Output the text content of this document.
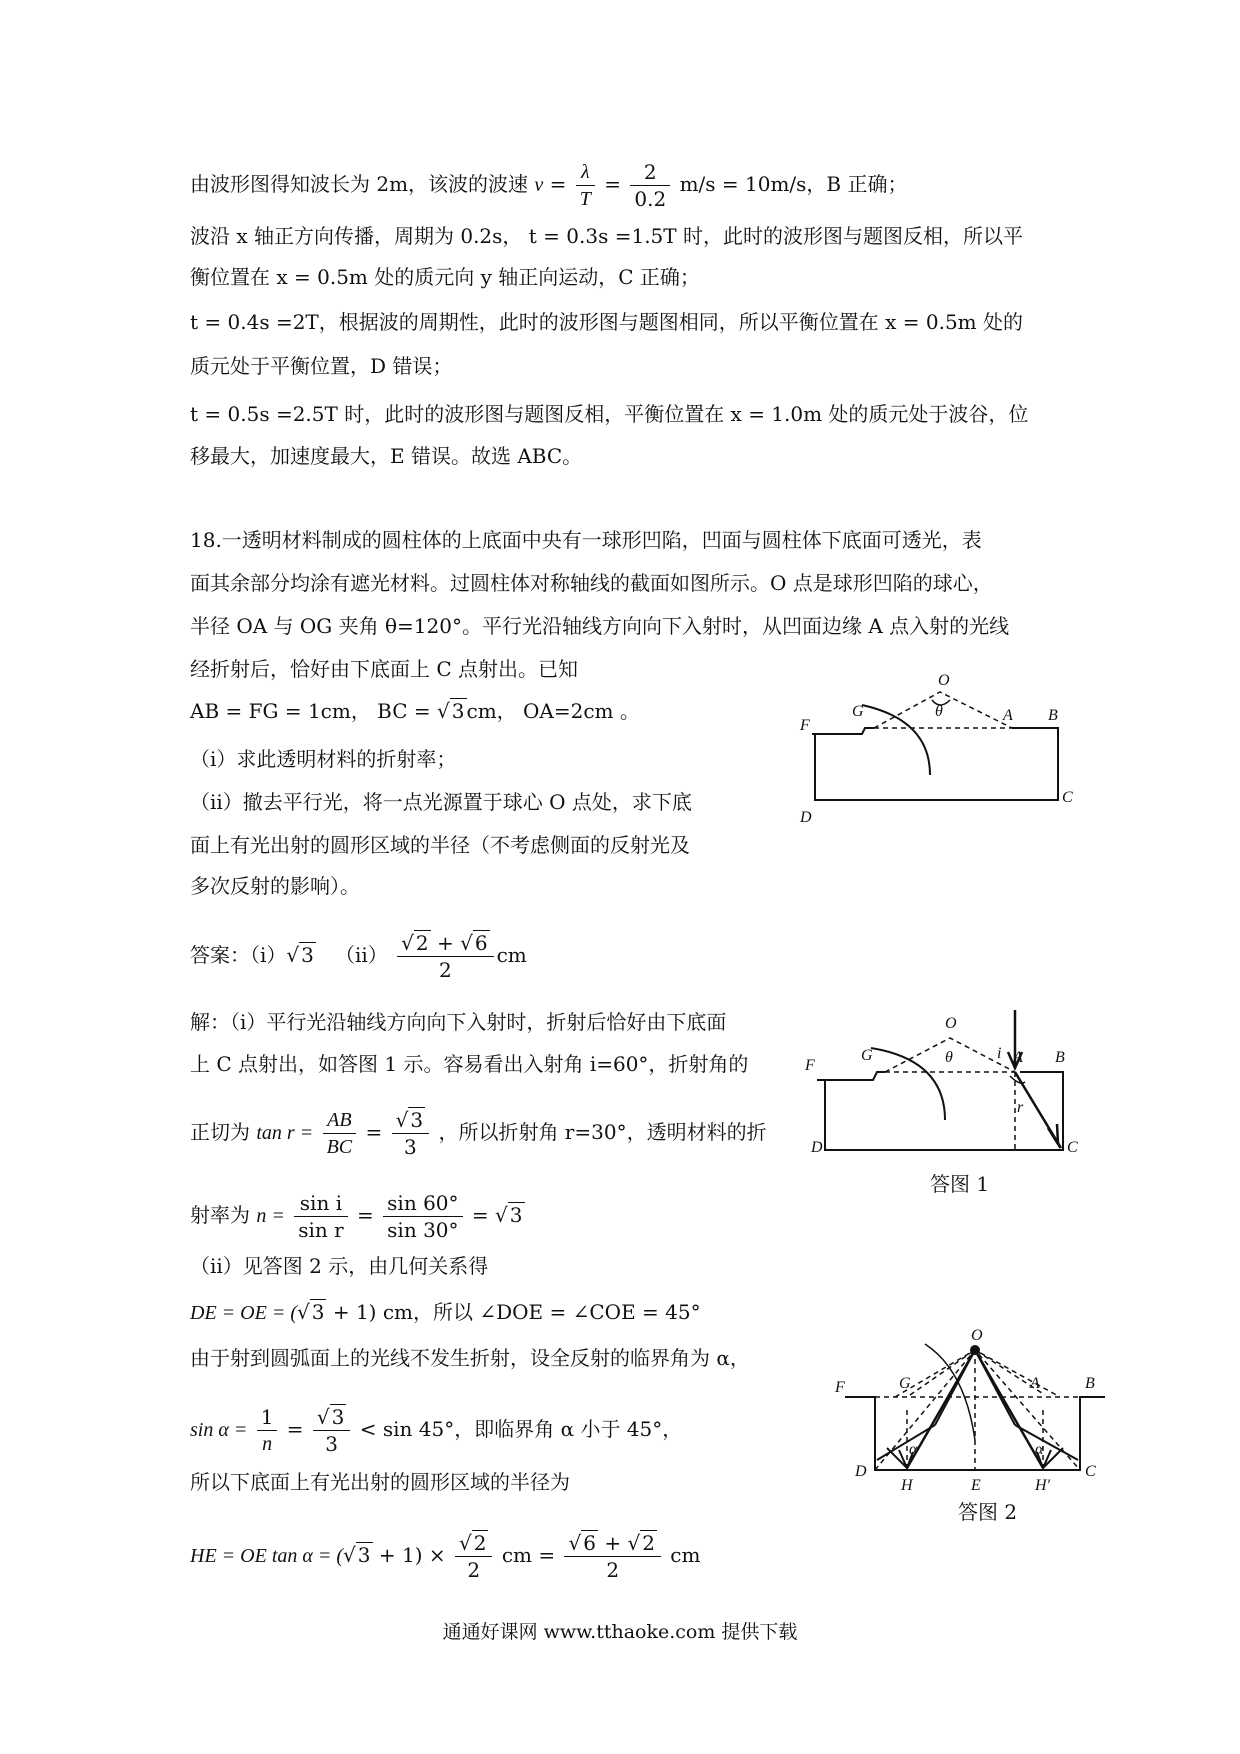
由波形图得知波长为 2m，该波的波速 $v = \frac{\lambda}{T} = \frac{2}{0.2} m/s = 10m/s$，B 正确；
波沿 x 轴正方向传播，周期为 0.2s， t = 0.3s =1.5T 时，此时的波形图与题图反相，所以平
衡位置在 x = 0.5m 处的质元向 y 轴正向运动，C 正确；
t = 0.4s =2T，根据波的周期性，此时的波形图与题图相同，所以平衡位置在 x = 0.5m 处的
质元处于平衡位置，D 错误；
t = 0.5s =2.5T 时，此时的波形图与题图反相，平衡位置在 x = 1.0m 处的质元处于波谷，位
移最大，加速度最大，E 错误。故选 ABC。
18.一透明材料制成的圆柱体的上底面中央有一球形凹陷，凹面与圆柱体下底面可透光，表
面其余部分均涂有遮光材料。过圆柱体对称轴线的截面如图所示。O 点是球形凹陷的球心，
半径 OA 与 OG 夹角 θ=120°。平行光沿轴线方向向下入射时，从凹面边缘 A 点入射的光线
经折射后，恰好由下底面上 C 点射出。已知
AB = FG = 1cm， BC = √ 3 cm， OA=2cm 。
（i）求此透明材料的折射率；
（ii）撤去平行光，将一点光源置于球心 O 点处，求下底
面上有光出射的圆形区域的半径（不考虑侧面的反射光及
多次反射的影响）。
答案：（i）√ 3 $(ii) \frac{√ 2 + √ 6}{2}$ cm
解：（i）平行光沿轴线方向向下入射时，折射后恰好由下底面
上 C 点射出，如答图 1 示。容易看出入射角 i=60°，折射角的
正切为 $\tan r = \frac{AB}{BC} = \frac{√ 3}{3}$ ，所以折射角 r=30°，透明材料的折
射率为 $n = \frac{\text{sin i}}{\text{sin r}} = \frac{\sin 60^\circ}{\sin 30^\circ}$ = √ 3
（ii）见答图 2 示，由几何关系得
DE = OE = (√ 3 + 1) cm，所以 ∠DOE = ∠COE = 45°
由于射到圆弧面上的光线不发生折射，设全反射的临界角为 α，
$\sin \alpha = \frac{1}{n} = \frac{√ 3}{3} < \sin 45^\circ$，即临界角 α 小于 45°，
所以下底面上有光出射的圆形区域的半径为
HE = OE tan α = (√ $3 + 1) \times \frac{√ 2}{2}$ cm = $\frac{√ 6 + √ 2}{2}$ cm
O
θ
F
G	A B
C
D
O
θ	i
r
F
G	A B
C
D
答图 1
O
F	G	A	B
C
D
H	E	H′
α	α
答图 2
通通好课网 www.tthaoke.com 提供下载
